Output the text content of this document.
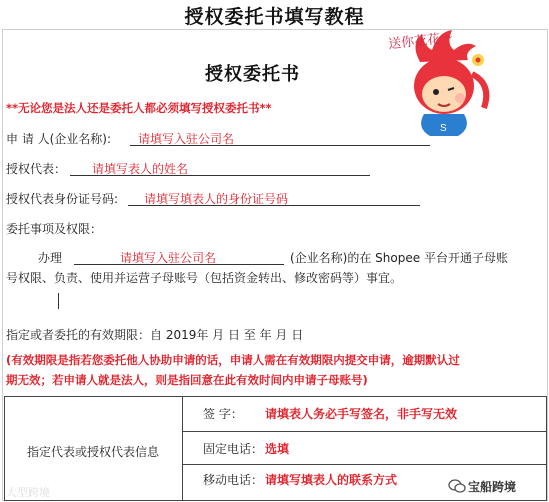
授权委托书填写教程
S
送你花花～
授权委托书
**无论您是法人还是委托人都必须填写授权委托书**
申 请 人(企业名称): 请填写入驻公司名
授权代表： 请填写表人的姓名
授权代表身份证号码: 请填写填表人的身份证号码
委托事项及权限：
办理	请填写入驻公司名	(企业名称)的在 Shopee 平台开通子母账
号权限、负责、使用并运营子母账号（包括资金转出、修改密码等）事宜。
指定或者委托的有效期限：自 2019年 月 日 至 年 月 日
(有效期限是指若您委托他人协助申请的话，申请人需在有效期限内提交申请，逾期默认过
期无效；若申请人就是法人，则是指回意在此有效时间内申请子母账号)
指定代表或授权代表信息
签 字： 请填表人务必手写签名，非手写无效
固定电话： 选填
移动电话： 请填写填表人的联系方式
大型跨境	宝船跨境
